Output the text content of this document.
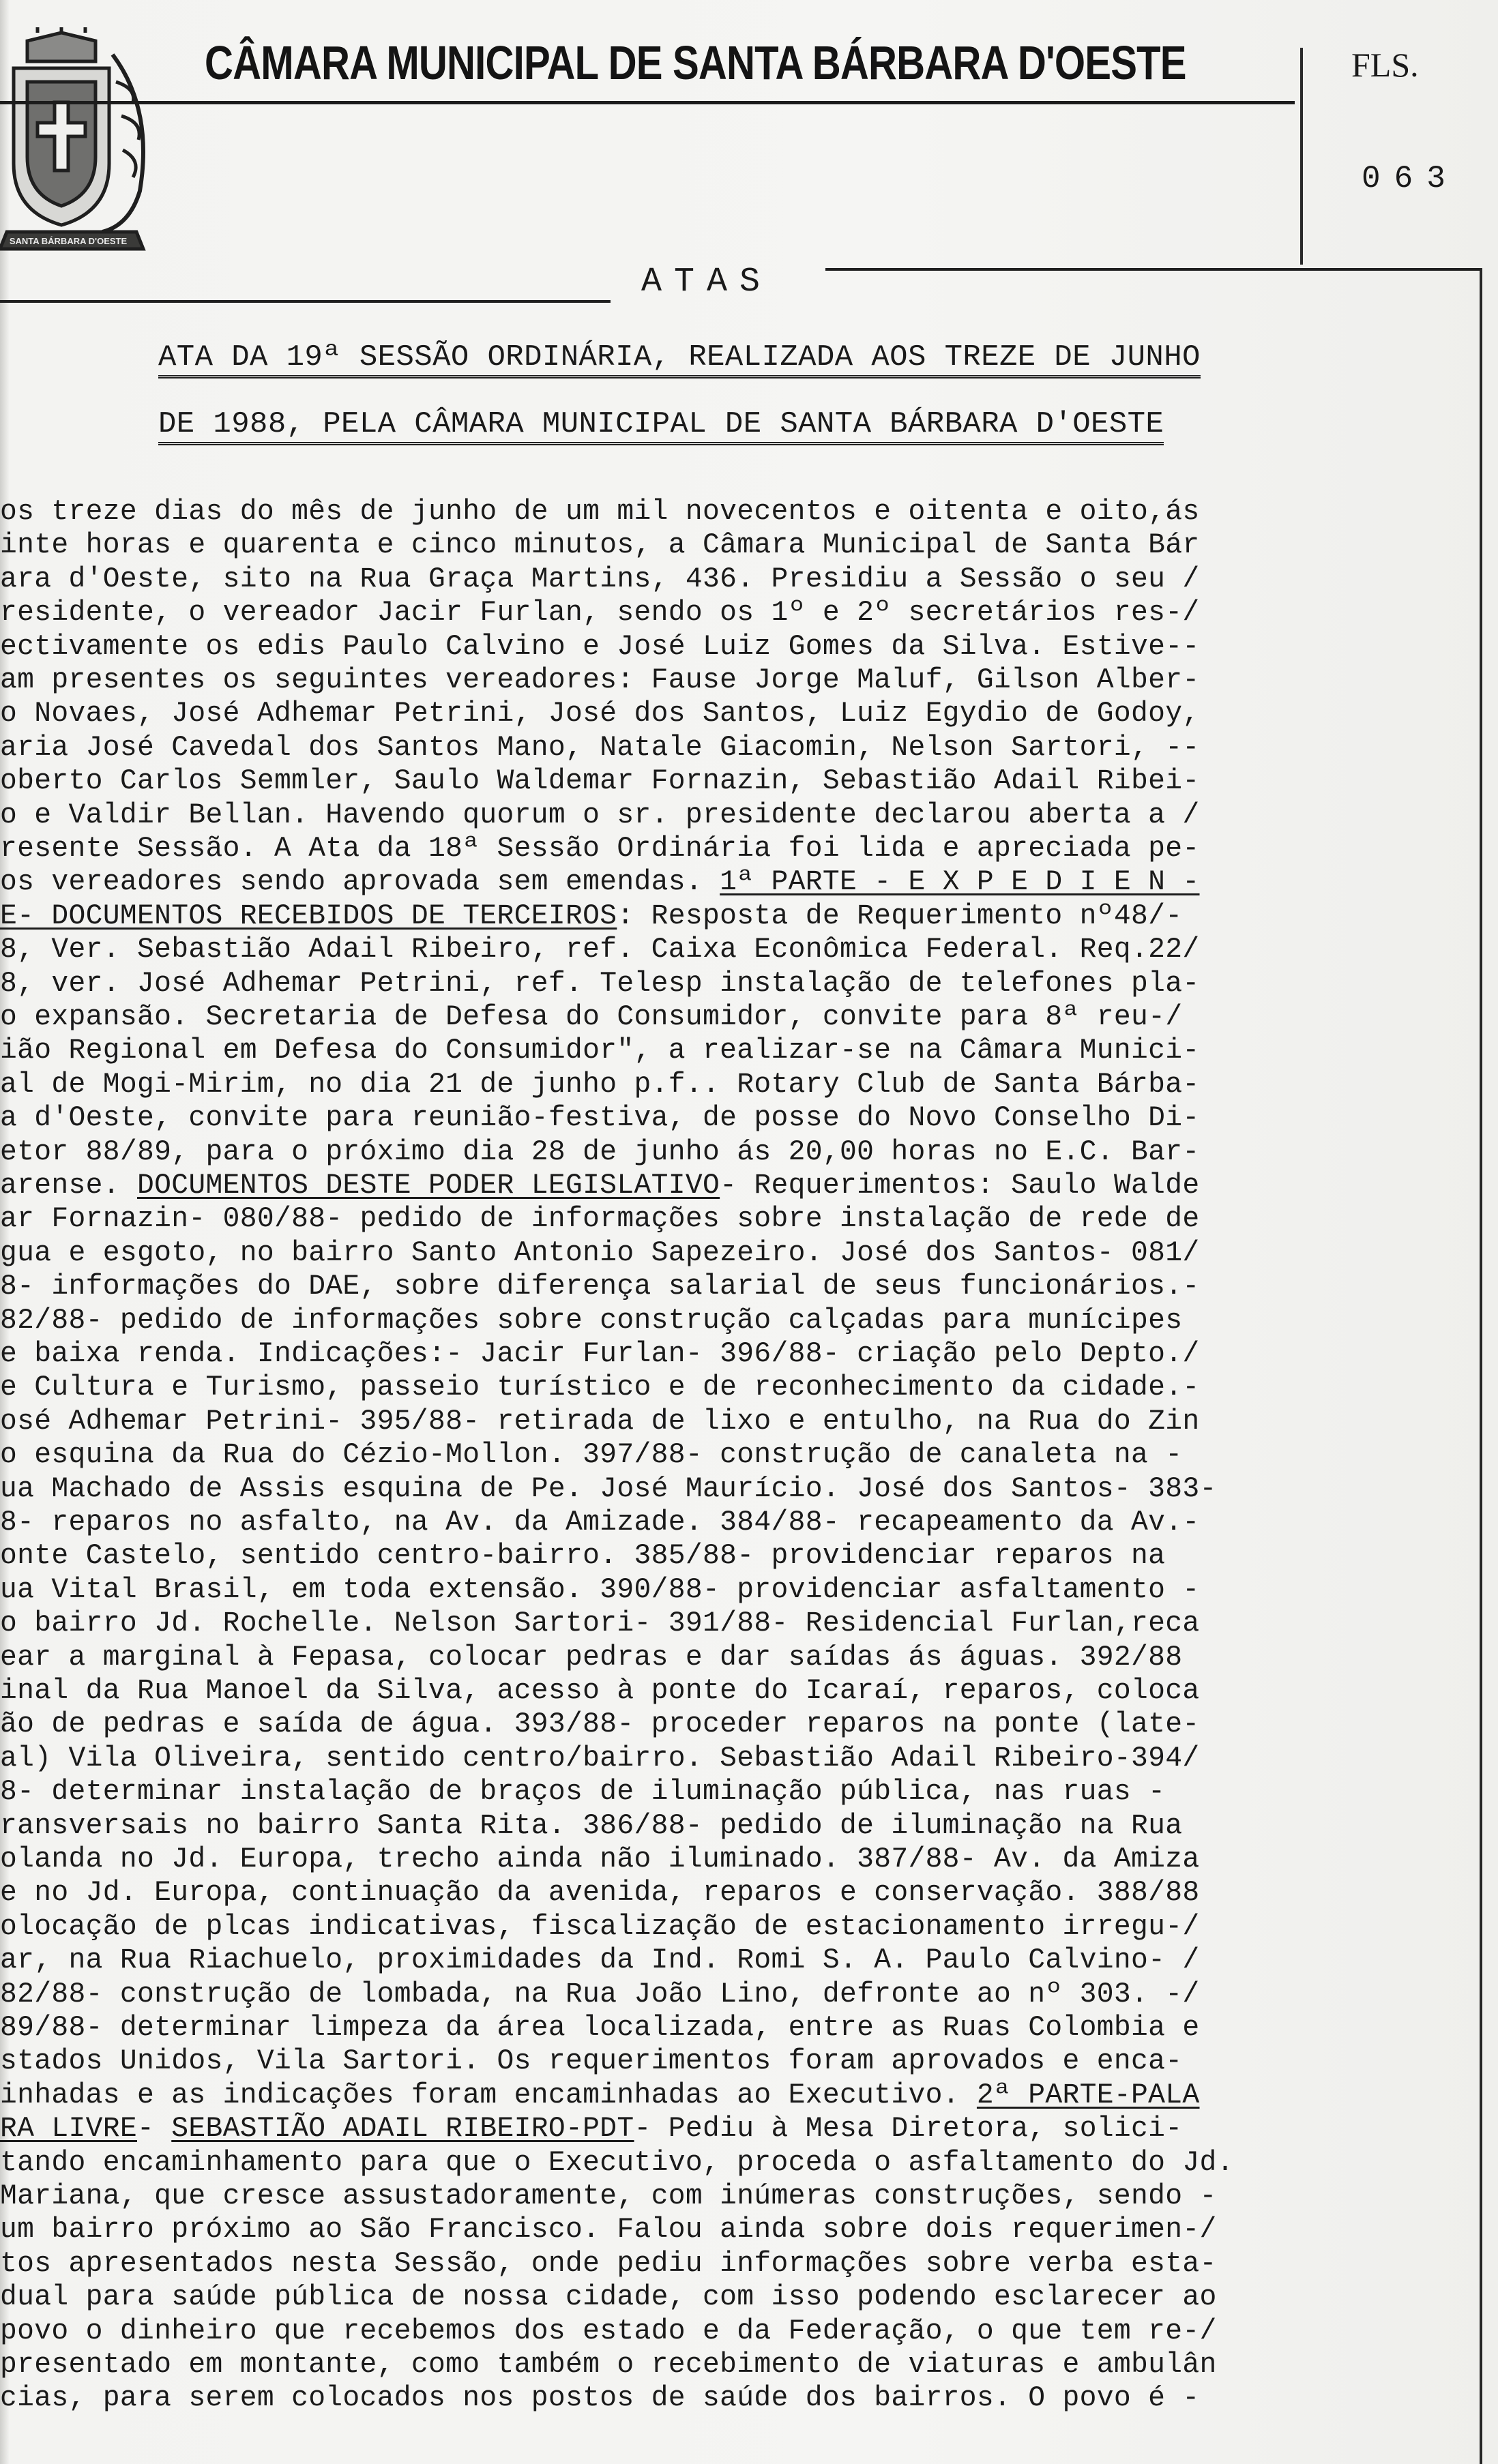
SANTA BÁRBARA D'OESTE
CÂMARA MUNICIPAL DE SANTA BÁRBARA D'OESTE	FLS.
063
ATAS
ATA DA 19ª SESSÃO ORDINÁRIA, REALIZADA AOS TREZE DE JUNHO
DE 1988, PELA CÂMARA MUNICIPAL DE SANTA BÁRBARA D'OESTE
os treze dias do mês de junho de um mil novecentos e oitenta e oito,ás
inte horas e quarenta e cinco minutos, a Câmara Municipal de Santa Bár
ara d'Oeste, sito na Rua Graça Martins, 436. Presidiu a Sessão o seu /
residente, o vereador Jacir Furlan, sendo os 1º e 2º secretários res-/
ectivamente os edis Paulo Calvino e José Luiz Gomes da Silva. Estive--
am presentes os seguintes vereadores: Fause Jorge Maluf, Gilson Alber-
o Novaes, José Adhemar Petrini, José dos Santos, Luiz Egydio de Godoy,
aria José Cavedal dos Santos Mano, Natale Giacomin, Nelson Sartori, --
oberto Carlos Semmler, Saulo Waldemar Fornazin, Sebastião Adail Ribei-
o e Valdir Bellan. Havendo quorum o sr. presidente declarou aberta a /
resente Sessão. A Ata da 18ª Sessão Ordinária foi lida e apreciada pe-
os vereadores sendo aprovada sem emendas. 1ª PARTE - E X P E D I E N -
E- DOCUMENTOS RECEBIDOS DE TERCEIROS: Resposta de Requerimento nº48/-
8, Ver. Sebastião Adail Ribeiro, ref. Caixa Econômica Federal. Req.22/
8, ver. José Adhemar Petrini, ref. Telesp instalação de telefones pla-
o expansão. Secretaria de Defesa do Consumidor, convite para 8ª reu-/
ião Regional em Defesa do Consumidor", a realizar-se na Câmara Munici-
al de Mogi-Mirim, no dia 21 de junho p.f.. Rotary Club de Santa Bárba-
a d'Oeste, convite para reunião-festiva, de posse do Novo Conselho Di-
etor 88/89, para o próximo dia 28 de junho ás 20,00 horas no E.C. Bar-
arense. DOCUMENTOS DESTE PODER LEGISLATIVO- Requerimentos: Saulo Walde
ar Fornazin- 080/88- pedido de informações sobre instalação de rede de
gua e esgoto, no bairro Santo Antonio Sapezeiro. José dos Santos- 081/
8- informações do DAE, sobre diferença salarial de seus funcionários.-
82/88- pedido de informações sobre construção calçadas para munícipes
e baixa renda. Indicações:- Jacir Furlan- 396/88- criação pelo Depto./
e Cultura e Turismo, passeio turístico e de reconhecimento da cidade.-
osé Adhemar Petrini- 395/88- retirada de lixo e entulho, na Rua do Zin
o esquina da Rua do Cézio-Mollon. 397/88- construção de canaleta na -
ua Machado de Assis esquina de Pe. José Maurício. José dos Santos- 383-
8- reparos no asfalto, na Av. da Amizade. 384/88- recapeamento da Av.-
onte Castelo, sentido centro-bairro. 385/88- providenciar reparos na
ua Vital Brasil, em toda extensão. 390/88- providenciar asfaltamento -
o bairro Jd. Rochelle. Nelson Sartori- 391/88- Residencial Furlan,reca
ear a marginal à Fepasa, colocar pedras e dar saídas ás águas. 392/88
inal da Rua Manoel da Silva, acesso à ponte do Icaraí, reparos, coloca
ão de pedras e saída de água. 393/88- proceder reparos na ponte (late-
al) Vila Oliveira, sentido centro/bairro. Sebastião Adail Ribeiro-394/
8- determinar instalação de braços de iluminação pública, nas ruas -
ransversais no bairro Santa Rita. 386/88- pedido de iluminação na Rua
olanda no Jd. Europa, trecho ainda não iluminado. 387/88- Av. da Amiza
e no Jd. Europa, continuação da avenida, reparos e conservação. 388/88
olocação de plcas indicativas, fiscalização de estacionamento irregu-/
ar, na Rua Riachuelo, proximidades da Ind. Romi S. A. Paulo Calvino- /
82/88- construção de lombada, na Rua João Lino, defronte ao nº 303. -/
89/88- determinar limpeza da área localizada, entre as Ruas Colombia e
stados Unidos, Vila Sartori. Os requerimentos foram aprovados e enca-
inhadas e as indicações foram encaminhadas ao Executivo. 2ª PARTE-PALA
RA LIVRE- SEBASTIÃO ADAIL RIBEIRO-PDT- Pediu à Mesa Diretora, solici-
tando encaminhamento para que o Executivo, proceda o asfaltamento do Jd.
Mariana, que cresce assustadoramente, com inúmeras construções, sendo -
um bairro próximo ao São Francisco. Falou ainda sobre dois requerimen-/
tos apresentados nesta Sessão, onde pediu informações sobre verba esta-
dual para saúde pública de nossa cidade, com isso podendo esclarecer ao
povo o dinheiro que recebemos dos estado e da Federação, o que tem re-/
presentado em montante, como também o recebimento de viaturas e ambulân
cias, para serem colocados nos postos de saúde dos bairros. O povo é -
